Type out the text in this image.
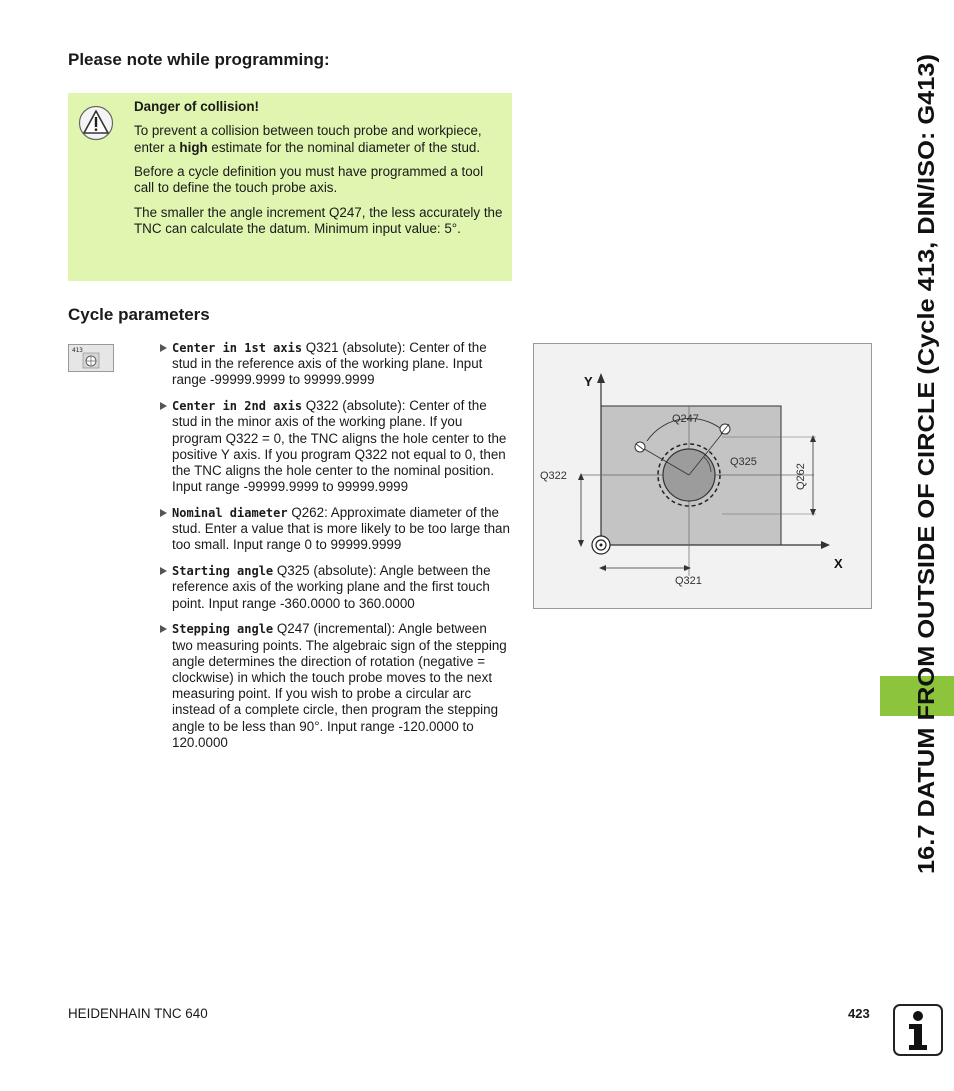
Please note while programming:

Danger of collision!

To prevent a collision between touch probe and workpiece, enter a high estimate for the nominal diameter of the stud.

Before a cycle definition you must have programmed a tool call to define the touch probe axis.

The smaller the angle increment Q247, the less accurately the TNC can calculate the datum. Minimum input value: 5°.

Cycle parameters
413	Center in 1st axis Q321 (absolute): Center of the stud in the reference axis of the working plane. Input range -99999.9999 to 99999.9999
Center in 2nd axis Q322 (absolute): Center of the stud in the minor axis of the working plane. If you program Q322 = 0, the TNC aligns the hole center to the positive Y axis. If you program Q322 not equal to 0, then the TNC aligns the hole center to the nominal position. Input range -99999.9999 to 99999.9999
Nominal diameter Q262: Approximate diameter of the stud. Enter a value that is more likely to be too large than too small. Input range 0 to 99999.9999
Starting angle Q325 (absolute): Angle between the reference axis of the working plane and the first touch point. Input range -360.0000 to 360.0000
Stepping angle Q247 (incremental): Angle between two measuring points. The algebraic sign of the stepping angle determines the direction of rotation (negative = clockwise) in which the touch probe moves to the next measuring point. If you wish to probe a circular arc instead of a complete circle, then program the stepping angle to be less than 90°. Input range -120.0000 to 120.0000
Y
X
Q247
Q325
Q322	Q262
Q321	16.7 DATUM FROM OUTSIDE OF CIRCLE (Cycle 413, DIN/ISO: G413)
HEIDENHAIN TNC 640	423
